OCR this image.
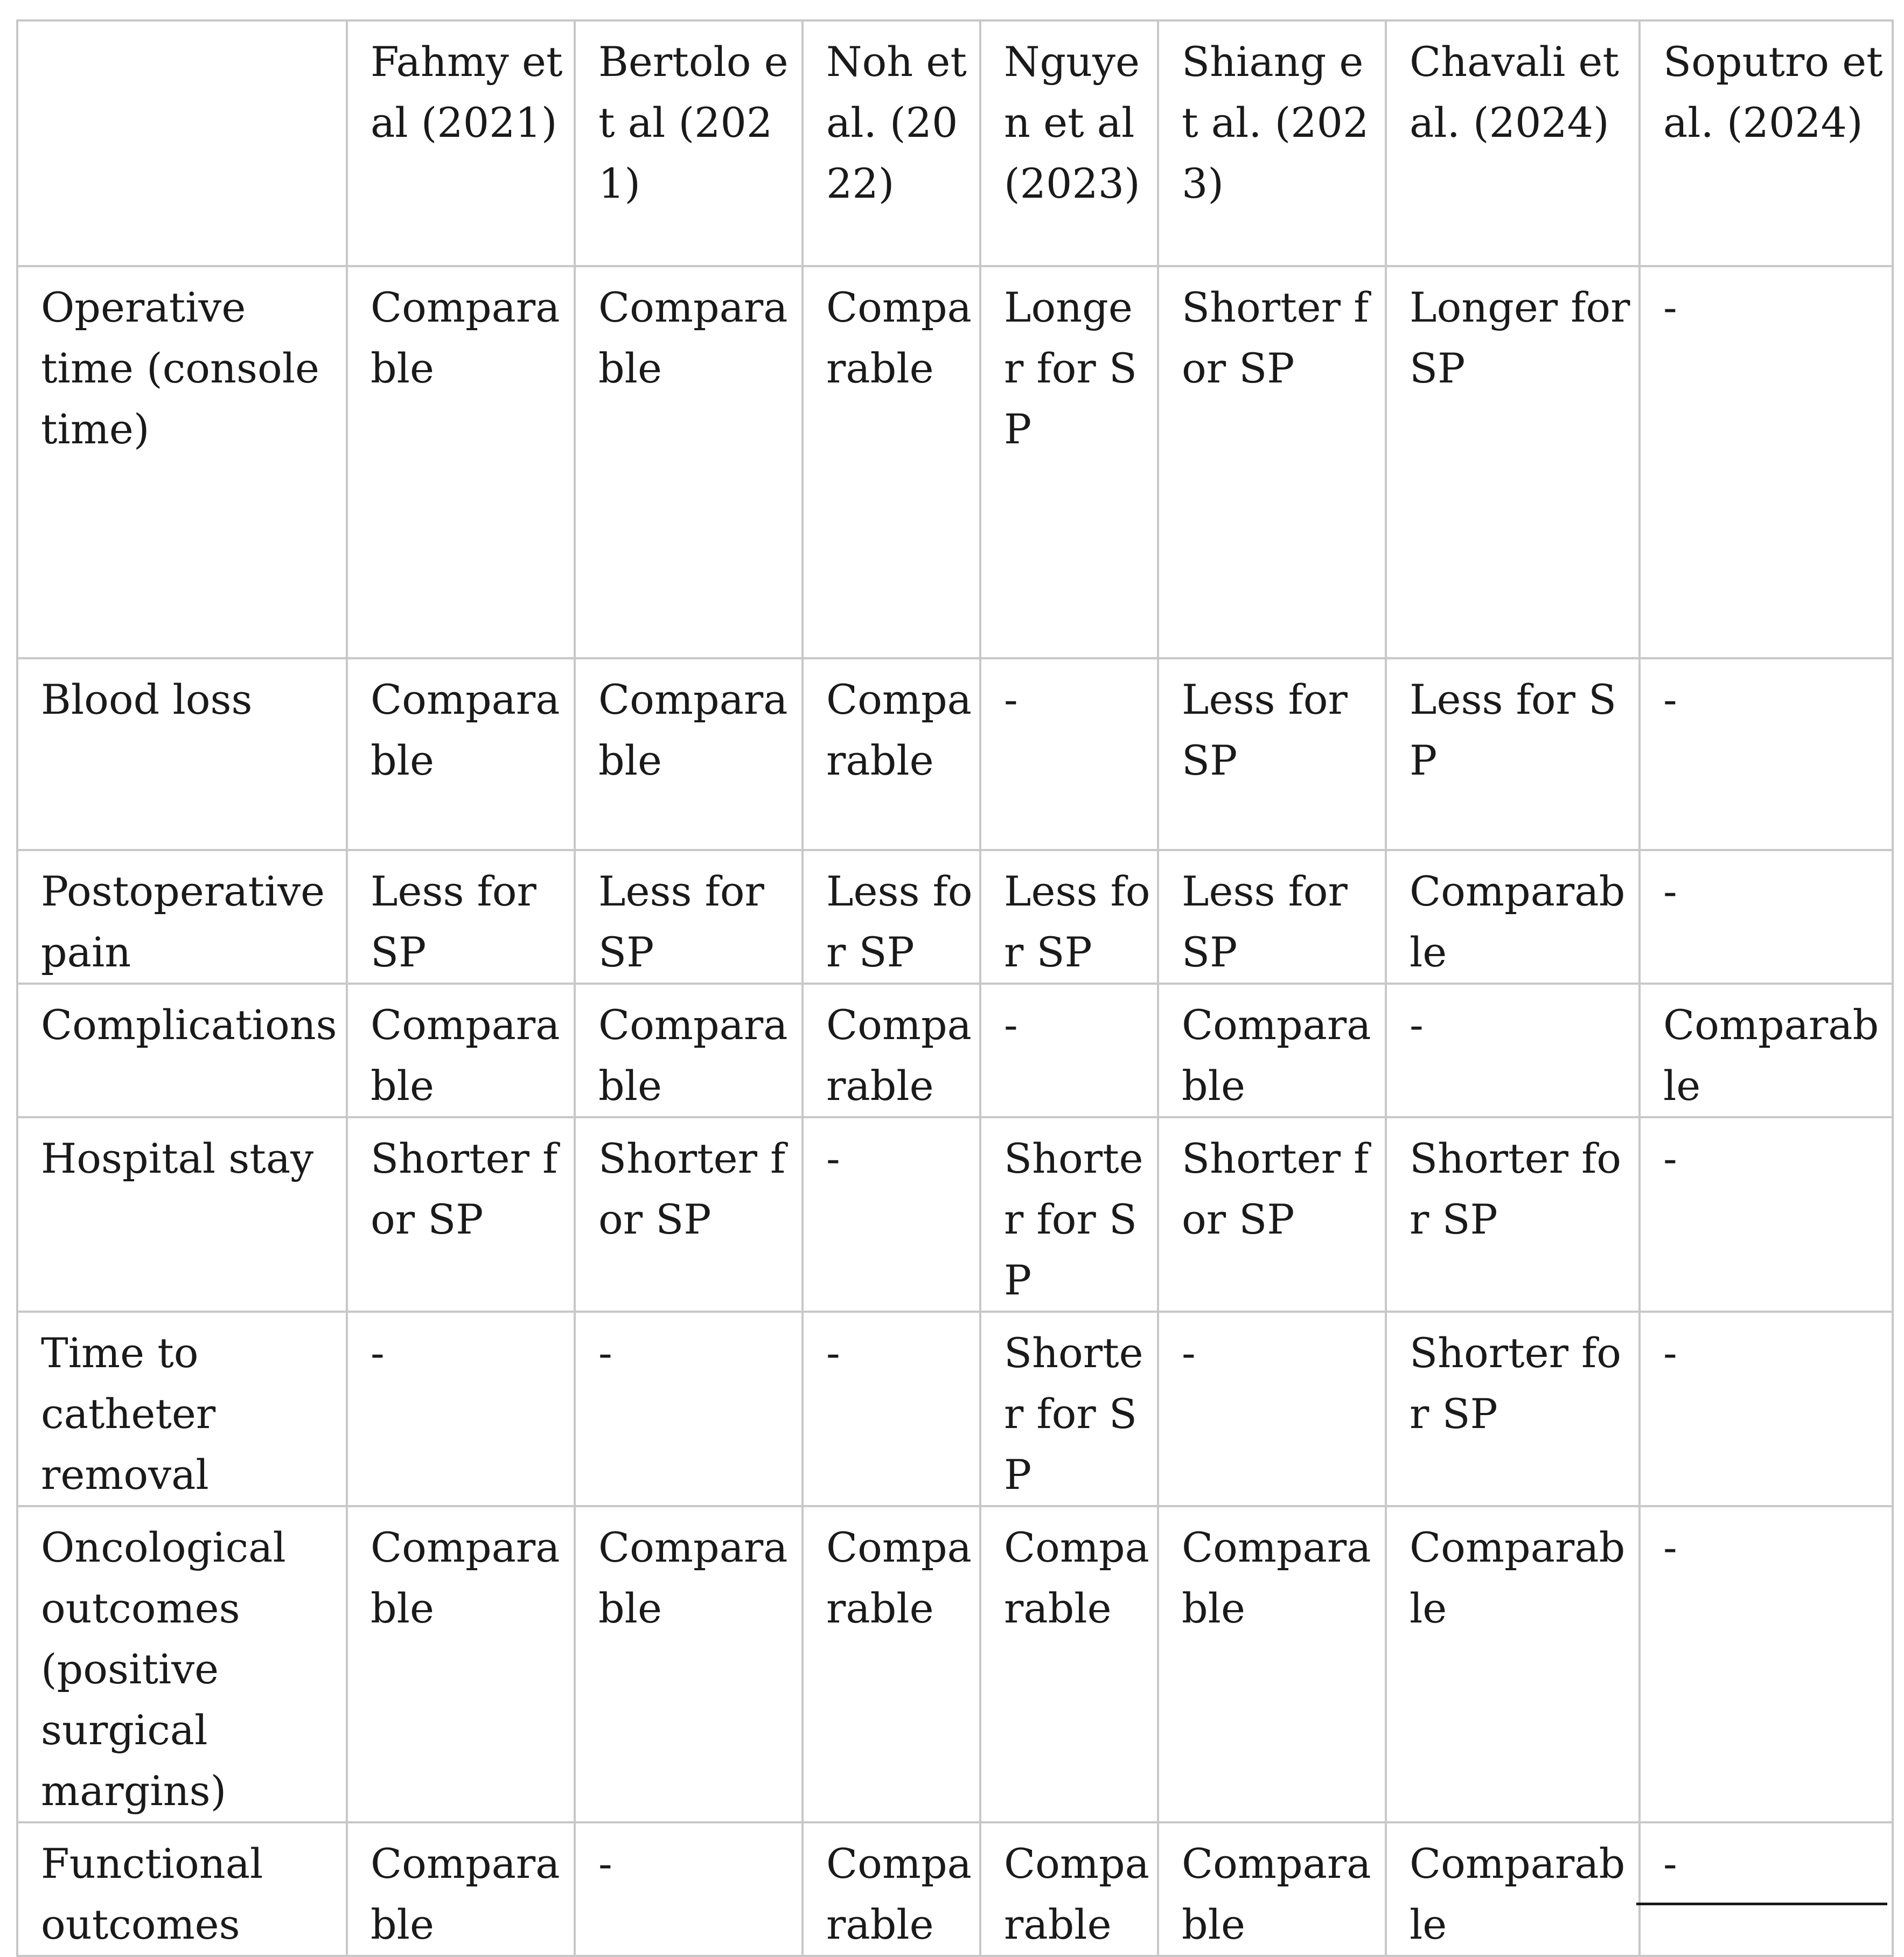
	Fahmy et al (2021)	Bertolo et al (2021)	Noh et al. (2022)	Nguyen et al (2023)	Shiang et al. (2023)	Chavali et al. (2024)	Soputro et al. (2024)
Operative time (console time)	Comparable	Comparable	Comparable	Longer for SP	Shorter for SP	Longer for SP	-
Blood loss	Comparable	Comparable	Comparable	-	Less for SP	Less for SP	-
Postoperative pain	Less for SP	Less for SP	Less for SP	Less for SP	Less for SP	Comparable	-
Complications	Comparable	Comparable	Comparable	-	Comparable	-	Comparable
Hospital stay	Shorter for SP	Shorter for SP	-	Shorter for SP	Shorter for SP	Shorter for SP	-
Time to catheter removal	-	-	-	Shorter for SP	-	Shorter for SP	-
Oncological outcomes (positive surgical margins)	Comparable	Comparable	Comparable	Comparable	Comparable	Comparable	-
Functional outcomes	Comparable	-	Comparable	Comparable	Comparable	Comparable	-
